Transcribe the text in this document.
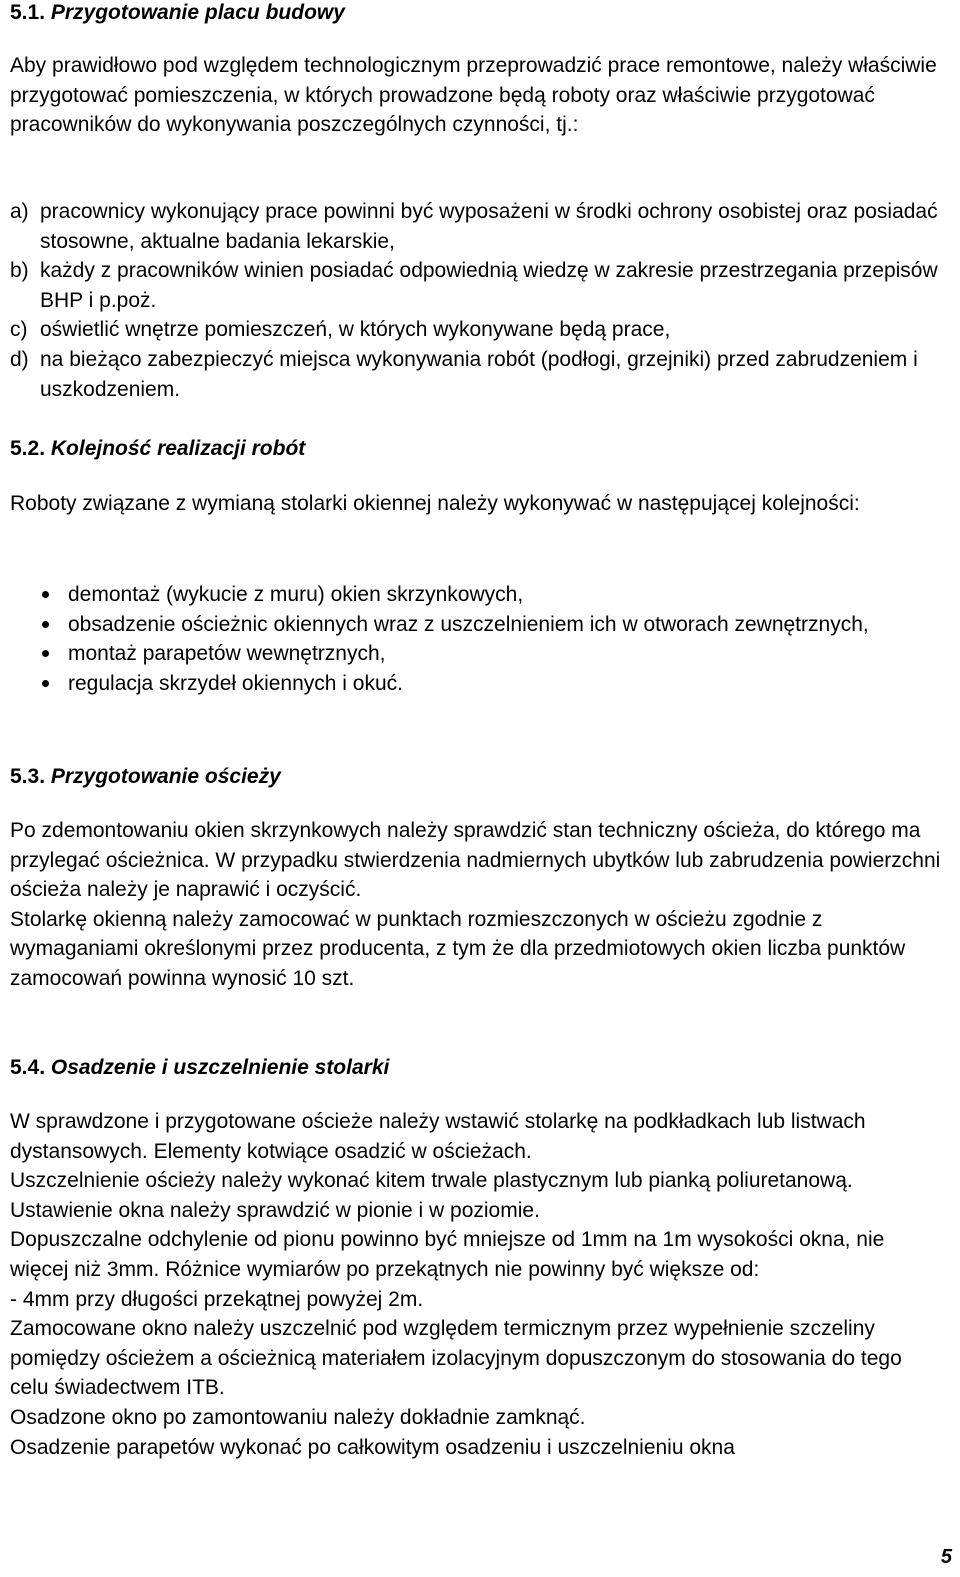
5.1. Przygotowanie placu budowy

Aby prawidłowo pod względem technologicznym przeprowadzić prace remontowe, należy właściwie przygotować pomieszczenia, w których prowadzone będą roboty oraz właściwie przygotować pracowników do wykonywania poszczególnych czynności, tj.:

a) pracownicy wykonujący prace powinni być wyposażeni w środki ochrony osobistej oraz posiadać stosowne, aktualne badania lekarskie,
b) każdy z pracowników winien posiadać odpowiednią wiedzę w zakresie przestrzegania przepisów BHP i p.poż.
c) oświetlić wnętrze pomieszczeń, w których wykonywane będą prace,
d) na bieżąco zabezpieczyć miejsca wykonywania robót (podłogi, grzejniki) przed zabrudzeniem i uszkodzeniem.
5.2. Kolejność realizacji robót

Roboty związane z wymianą stolarki okiennej należy wykonywać w następującej kolejności:

demontaż (wykucie z muru) okien skrzynkowych,
obsadzenie ościeżnic okiennych wraz z uszczelnieniem ich w otworach zewnętrznych,
montaż parapetów wewnętrznych,
regulacja skrzydeł okiennych i okuć.
5.3. Przygotowanie ościeży

Po zdemontowaniu okien skrzynkowych należy sprawdzić stan techniczny ościeża, do którego ma przylegać ościeżnica. W przypadku stwierdzenia nadmiernych ubytków lub zabrudzenia powierzchni ościeża należy je naprawić i oczyścić.

Stolarkę okienną należy zamocować w punktach rozmieszczonych w ościeżu zgodnie z wymaganiami określonymi przez producenta, z tym że dla przedmiotowych okien liczba punktów zamocowań powinna wynosić 10 szt.

5.4. Osadzenie i uszczelnienie stolarki

W sprawdzone i przygotowane ościeże należy wstawić stolarkę na podkładkach lub listwach dystansowych. Elementy kotwiące osadzić w ościeżach.

Uszczelnienie ościeży należy wykonać kitem trwale plastycznym lub pianką poliuretanową. Ustawienie okna należy sprawdzić w pionie i w poziomie.

Dopuszczalne odchylenie od pionu powinno być mniejsze od 1mm na 1m wysokości okna, nie więcej niż 3mm. Różnice wymiarów po przekątnych nie powinny być większe od:

- 4mm przy długości przekątnej powyżej 2m.

Zamocowane okno należy uszczelnić pod względem termicznym przez wypełnienie szczeliny pomiędzy ościeżem a ościeżnicą materiałem izolacyjnym dopuszczonym do stosowania do tego celu świadectwem ITB.

Osadzone okno po zamontowaniu należy dokładnie zamknąć.

Osadzenie parapetów wykonać po całkowitym osadzeniu i uszczelnieniu okna

5
